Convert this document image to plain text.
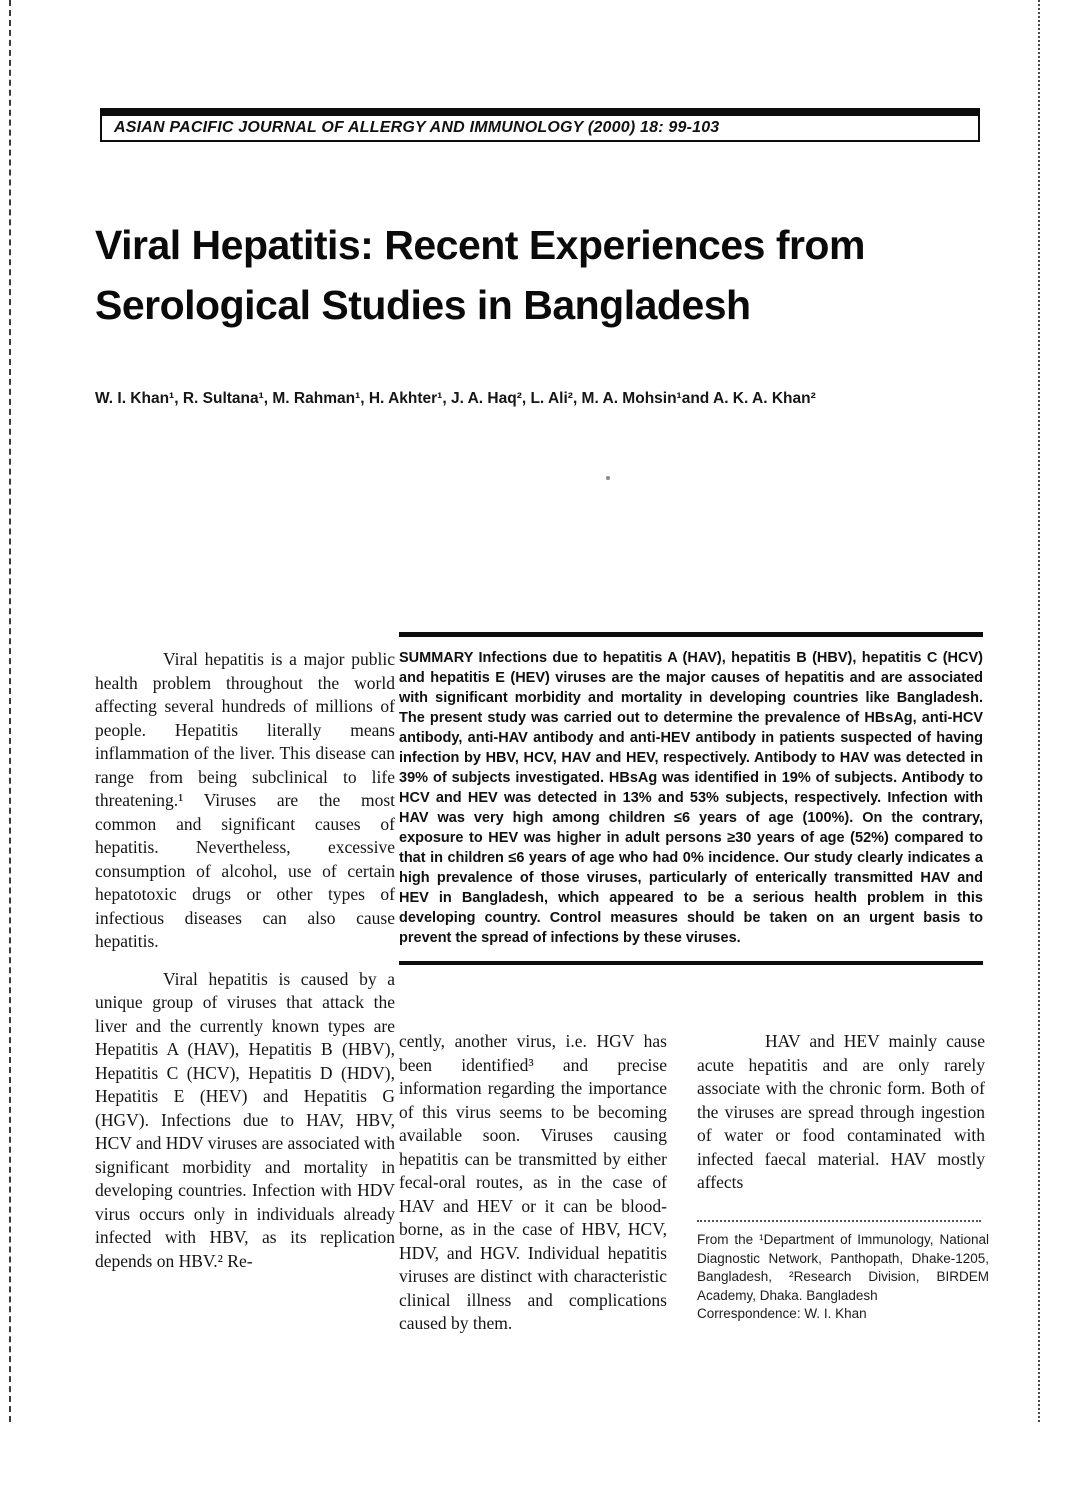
ASIAN PACIFIC JOURNAL OF ALLERGY AND IMMUNOLOGY (2000) 18: 99-103
Viral Hepatitis: Recent Experiences from
Serological Studies in Bangladesh
W. I. Khan¹, R. Sultana¹, M. Rahman¹, H. Akhter¹, J. A. Haq², L. Ali², M. A. Mohsin¹and A. K. A. Khan²

Viral hepatitis is a major public health problem throughout the world affecting several hundreds of millions of people. Hepatitis literally means inflammation of the liver. This disease can range from being subclinical to life threatening.¹ Viruses are the most common and significant causes of hepatitis. Nevertheless, excessive consumption of alcohol, use of certain hepatotoxic drugs or other types of infectious diseases can also cause hepatitis.

Viral hepatitis is caused by a unique group of viruses that attack the liver and the currently known types are Hepatitis A (HAV), Hepatitis B (HBV), Hepatitis C (HCV), Hepatitis D (HDV), Hepatitis E (HEV) and Hepatitis G (HGV). Infections due to HAV, HBV, HCV and HDV viruses are associated with significant morbidity and mortality in developing countries. Infection with HDV virus occurs only in individuals already infected with HBV, as its replication depends on HBV.² Re-

SUMMARY Infections due to hepatitis A (HAV), hepatitis B (HBV), hepatitis C (HCV) and hepatitis E (HEV) viruses are the major causes of hepatitis and are associated with significant morbidity and mortality in developing countries like Bangladesh. The present study was carried out to determine the prevalence of HBsAg, anti-HCV antibody, anti-HAV antibody and anti-HEV antibody in patients suspected of having infection by HBV, HCV, HAV and HEV, respectively. Antibody to HAV was detected in 39% of subjects investigated. HBsAg was identified in 19% of subjects. Antibody to HCV and HEV was detected in 13% and 53% subjects, respectively. Infection with HAV was very high among children ≤6 years of age (100%). On the contrary, exposure to HEV was higher in adult persons ≥30 years of age (52%) compared to that in children ≤6 years of age who had 0% incidence. Our study clearly indicates a high prevalence of those viruses, particularly of enterically transmitted HAV and HEV in Bangladesh, which appeared to be a serious health problem in this developing country. Control measures should be taken on an urgent basis to prevent the spread of infections by these viruses.

cently, another virus, i.e. HGV has been identified³ and precise information regarding the importance of this virus seems to be becoming available soon. Viruses causing hepatitis can be transmitted by either fecal-oral routes, as in the case of HAV and HEV or it can be blood-borne, as in the case of HBV, HCV, HDV, and HGV. Individual hepatitis viruses are distinct with characteristic clinical illness and complications caused by them.

HAV and HEV mainly cause acute hepatitis and are only rarely associate with the chronic form. Both of the viruses are spread through ingestion of water or food contaminated with infected faecal material. HAV mostly affects

From the ¹Department of Immunology, National Diagnostic Network, Panthopath, Dhake-1205, Bangladesh, ²Research Division, BIRDEM Academy, Dhaka. Bangladesh

Correspondence: W. I. Khan
